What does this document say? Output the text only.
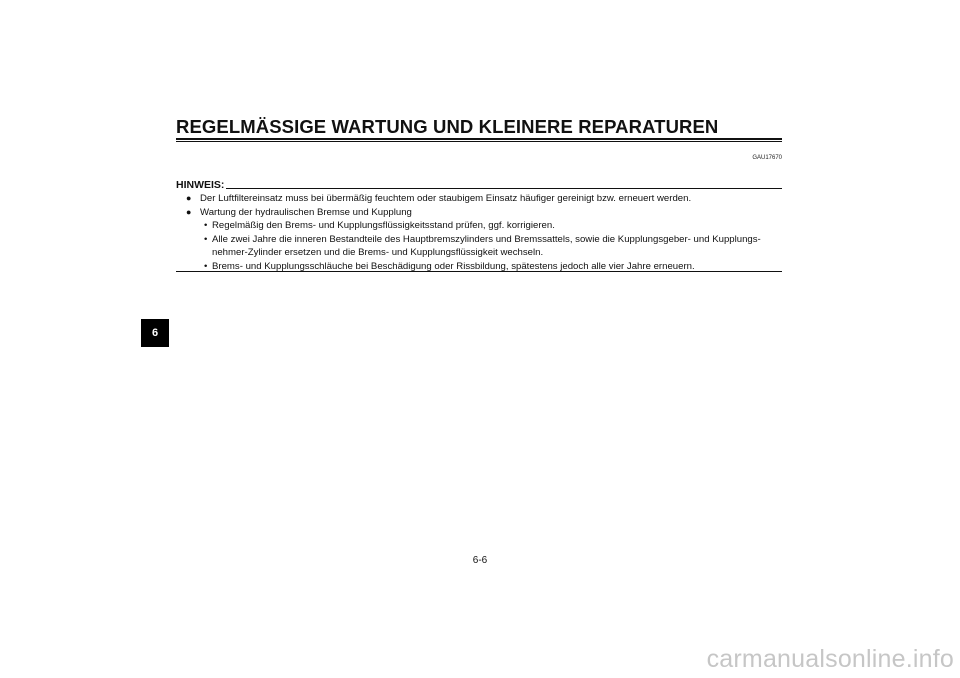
REGELMÄSSIGE WARTUNG UND KLEINERE REPARATUREN
GAU17670
6
HINWEIS:
● Der Luftfiltereinsatz muss bei übermäßig feuchtem oder staubigem Einsatz häufiger gereinigt bzw. erneuert werden.
● Wartung der hydraulischen Bremse und Kupplung
• Regelmäßig den Brems- und Kupplungsflüssigkeitsstand prüfen, ggf. korrigieren.
• Alle zwei Jahre die inneren Bestandteile des Hauptbremszylinders und Bremssattels, sowie die Kupplungsgeber- und Kupplungs-nehmer-Zylinder ersetzen und die Brems- und Kupplungsflüssigkeit wechseln.
• Brems- und Kupplungsschläuche bei Beschädigung oder Rissbildung, spätestens jedoch alle vier Jahre erneuern.
6-6
carmanualsonline.info
